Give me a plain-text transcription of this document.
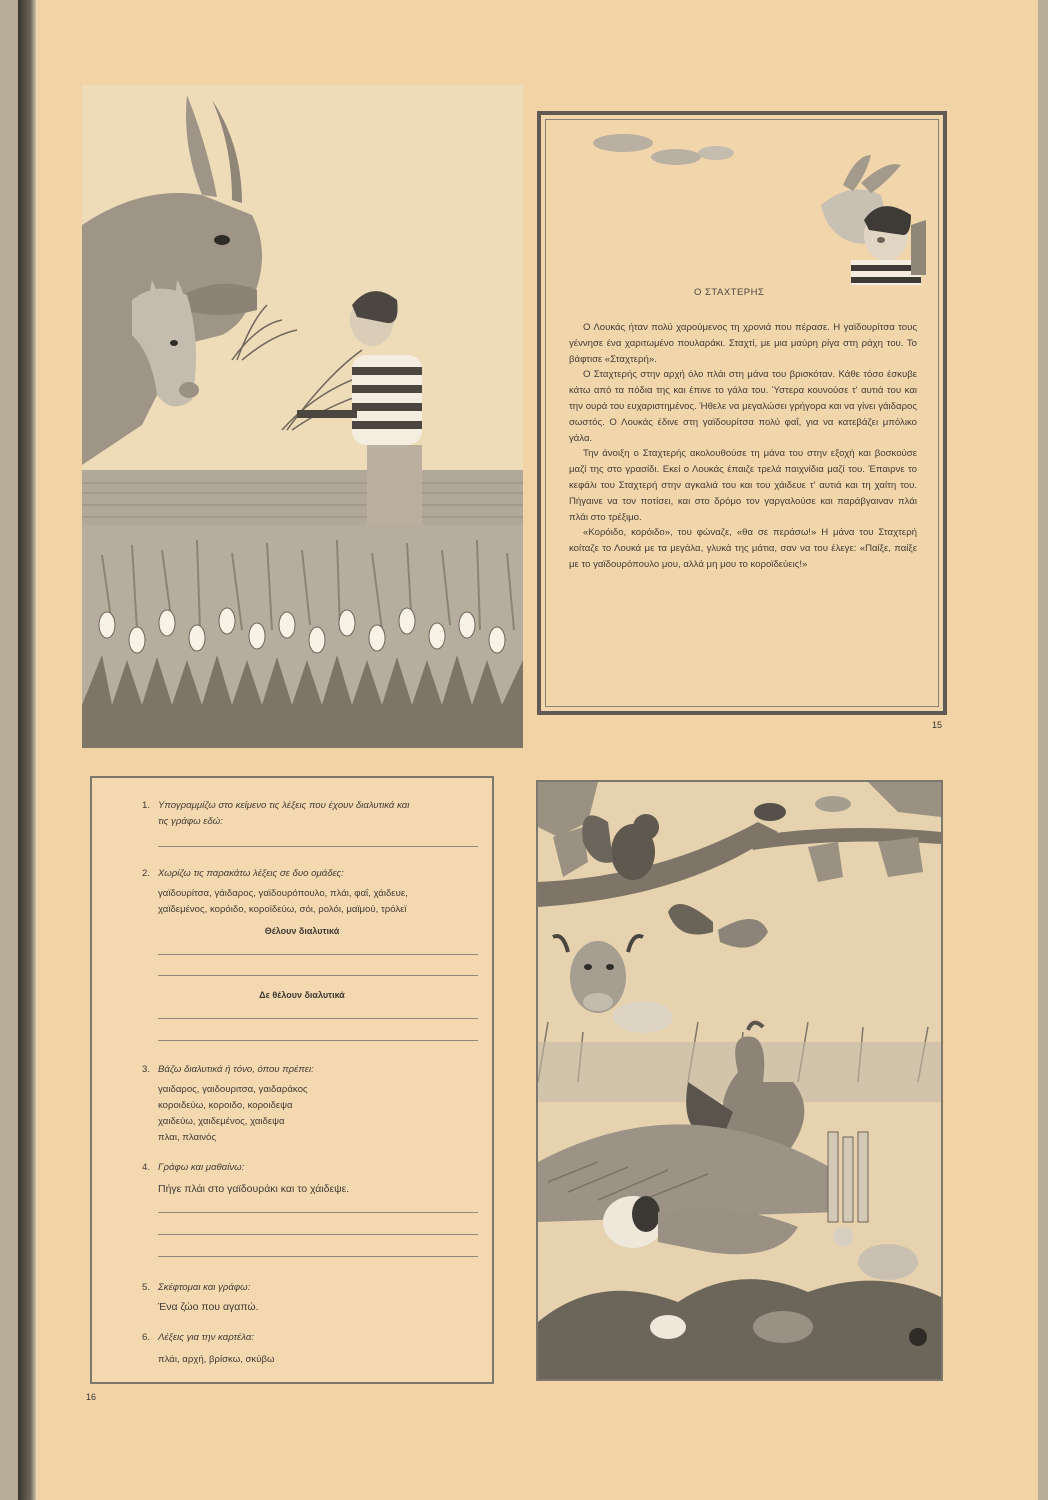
Ο ΣΤΑΧΤΕΡΗΣ

Ο Λουκάς ήταν πολύ χαρούμενος τη χρονιά που πέρασε. Η γαϊδουρίτσα τους γέννησε ένα χαριτωμένο πουλαράκι. Σταχτί, με μια μαύρη ρίγα στη ράχη του. Το βάφτισε «Σταχτερή».

Ο Σταχτερής στην αρχή όλο πλάι στη μάνα του βρισκόταν. Κάθε τόσο έσκυβε κάτω από τα πόδια της και έπινε το γάλα του. Ύστερα κουνούσε τ' αυτιά του και την ουρά του ευχαριστημένος. Ήθελε να μεγαλώσει γρήγορα και να γίνει γάιδαρος σωστός. Ο Λουκάς έδινε στη γαϊδουρίτσα πολύ φαΐ, για να κατεβάζει μπόλικο γάλα.

Την άνοιξη ο Σταχτερής ακολουθούσε τη μάνα του στην εξοχή και βοσκούσε μαζί της στο γρασίδι. Εκεί ο Λουκάς έπαιζε τρελά παιχνίδια μαζί του. Έπαιρνε το κεφάλι του Σταχτερή στην αγκαλιά του και του χάιδευε τ' αυτιά και τη χαίτη του. Πήγαινε να τον ποτίσει, και στο δρόμο τον γαργαλούσε και παράβγαιναν πλάι πλάι στο τρέξιμο.

«Κορόιδο, κορόιδο», του φώναζε, «θα σε περάσω!» Η μάνα του Σταχτερή κοίταζε το Λουκά με τα μεγάλα, γλυκά της μάτια, σαν να του έλεγε: «Παίξε, παίξε με το γαϊδουρόπουλο μου, αλλά μη μου το κοροϊδεύεις!»

15
1. Υπογραμμίζω στο κείμενο τις λέξεις που έχουν διαλυτικά και
τις γράφω εδώ:
2. Χωρίζω τις παρακάτω λέξεις σε δυο ομάδες:
γαϊδουρίτσα, γάιδαρος, γαϊδουρόπουλο, πλάι, φαΐ, χάιδευε,
χαϊδεμένος, κορόιδο, κοροϊδεύω, σόι, ρολόι, μαϊμού, τρόλεϊ
Θέλουν διαλυτικά
Δε θέλουν διαλυτικά
3. Βάζω διαλυτικά ή τόνο, όπου πρέπει:
γαιδαρος, γαιδουριτσα, γαιδαράκος
κοροιδεύω, κοροιδο, κοροιδεψα
χαιδεύω, χαιδεμένος, χαιδεψα
πλαι, πλαινός
4. Γράφω και μαθαίνω:
Πήγε πλάι στο γαϊδουράκι και το χάιδεψε.
5. Σκέφτομαι και γράφω:
Ένα ζώο που αγαπώ.
6. Λέξεις για την καρτέλα:
πλάι, αρχή, βρίσκω, σκύβω
16
